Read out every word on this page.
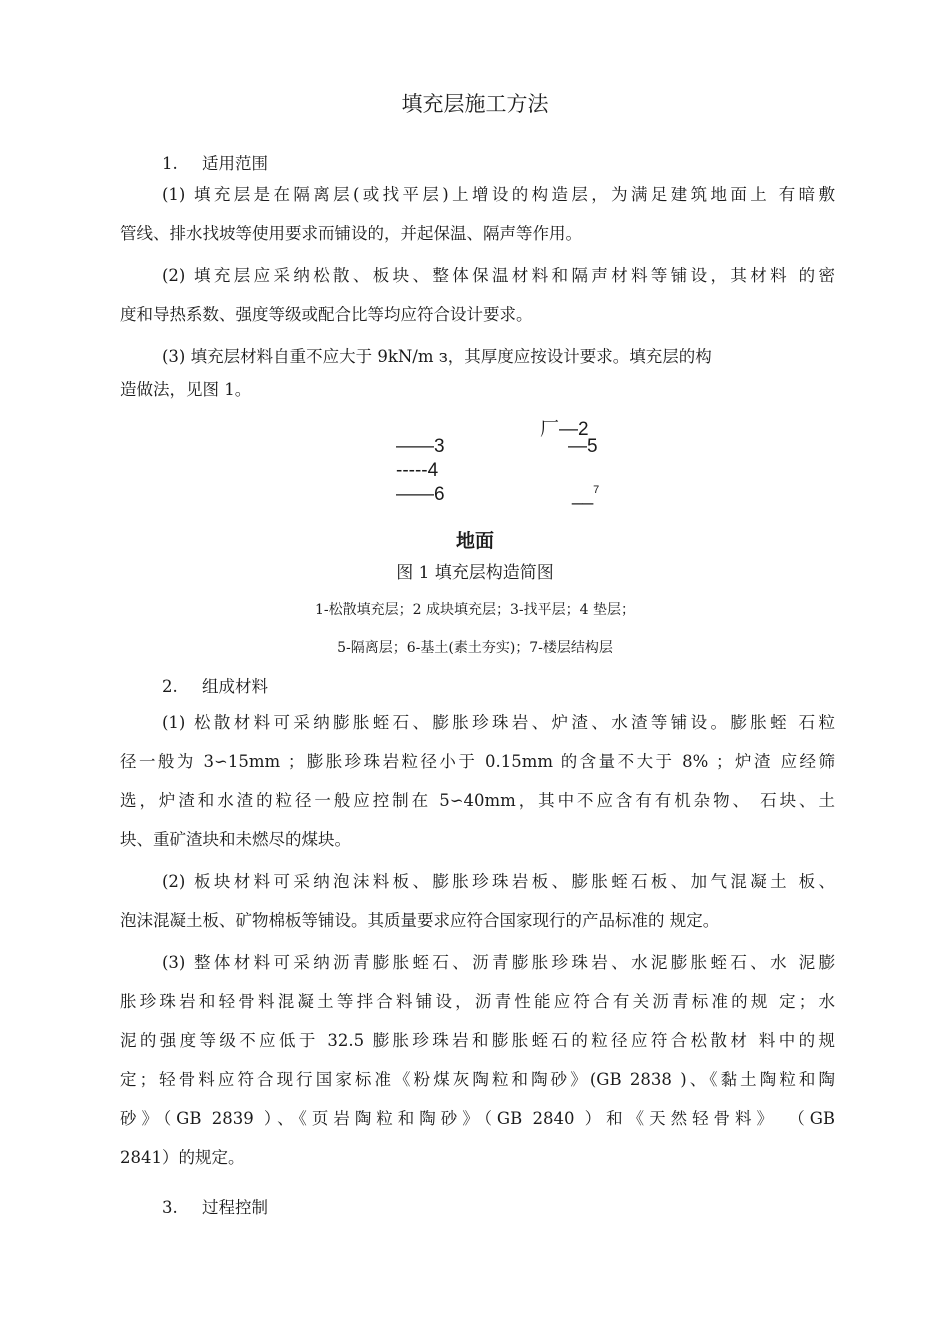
填充层施工方法
1. 适用范围

(1) 填充层是在隔离层(或找平层)上增设的构造层，为满足建筑地面上 有暗敷
管线、排水找坡等使用要求而铺设的，并起保温、隔声等作用。

(2) 填充层应采纳松散、板块、整体保温材料和隔声材料等铺设，其材料 的密
度和导热系数、强度等级或配合比等均应符合设计要求。

(3) 填充层材料自重不应大于 9kN/m з，其厚度应按设计要求。填充层的构
造做法，见图 1。

厂—2
——3	—5
-----4
——6	__$^7$
地面
图 1 填充层构造简图
1-松散填充层；2 成块填充层；3-找平层；4 垫层；
5-隔离层；6-基土(素土夯实)；7-楼层结构层
2. 组成材料

(1) 松散材料可采纳膨胀蛭石、膨胀珍珠岩、炉渣、水渣等铺设。膨胀蛭 石粒
径一般为 3∽15mm ；膨胀珍珠岩粒径小于 0.15mm 的含量不大于 8% ；炉渣 应经筛
选，炉渣和水渣的粒径一般应控制在 5∽40mm，其中不应含有有机杂物、 石块、土
块、重矿渣块和未燃尽的煤块。

(2) 板块材料可采纳泡沫料板、膨胀珍珠岩板、膨胀蛭石板、加气混凝土 板、
泡沫混凝土板、矿物棉板等铺设。其质量要求应符合国家现行的产品标准的 规定。

(3) 整体材料可采纳沥青膨胀蛭石、沥青膨胀珍珠岩、水泥膨胀蛭石、水 泥膨
胀珍珠岩和轻骨料混凝土等拌合料铺设，沥青性能应符合有关沥青标准的规 定；水
泥的强度等级不应低于 32.5 膨胀珍珠岩和膨胀蛭石的粒径应符合松散材 料中的规
定；轻骨料应符合现行国家标准《粉煤灰陶粒和陶砂》(GB 2838 )、《黏土陶粒和陶
砂》（GB 2839 ）、《页岩陶粒和陶砂》（GB 2840 ）和《天然轻骨料》 （GB
2841）的规定。

3. 过程控制
